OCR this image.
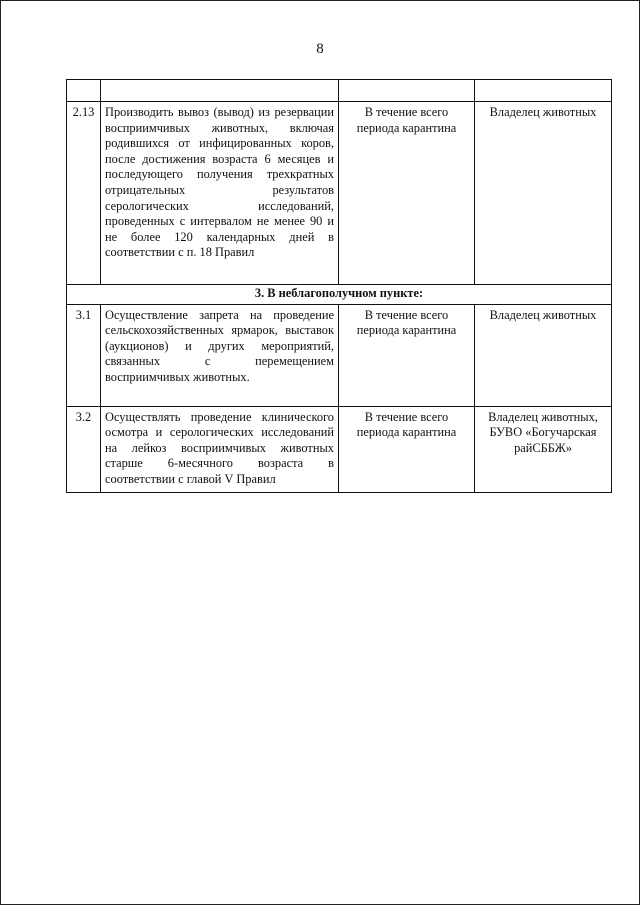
8

2.13	Производить вывоз (вывод) из резервации восприимчивых животных, включая родившихся от инфицированных коров, после достижения возраста 6 месяцев и последующего получения трехкратных отрицательных результатов серологических исследований, проведенных с интервалом не менее 90 и не более 120 календарных дней в соответствии с п. 18 Правил	В течение всего периода карантина	Владелец животных
3. В неблагополучном пункте:			
3.1	Осуществление запрета на проведение сельскохозяйственных ярмарок, выставок (аукционов) и других мероприятий, связанных с перемещением восприимчивых животных.	В течение всего периода карантина	Владелец животных
3.2	Осуществлять проведение клинического осмотра и серологических исследований на лейкоз восприимчивых животных старше 6-месячного возраста в соответствии с главой V Правил	В течение всего периода карантина	Владелец животных, БУВО «Богучарская райСББЖ»
